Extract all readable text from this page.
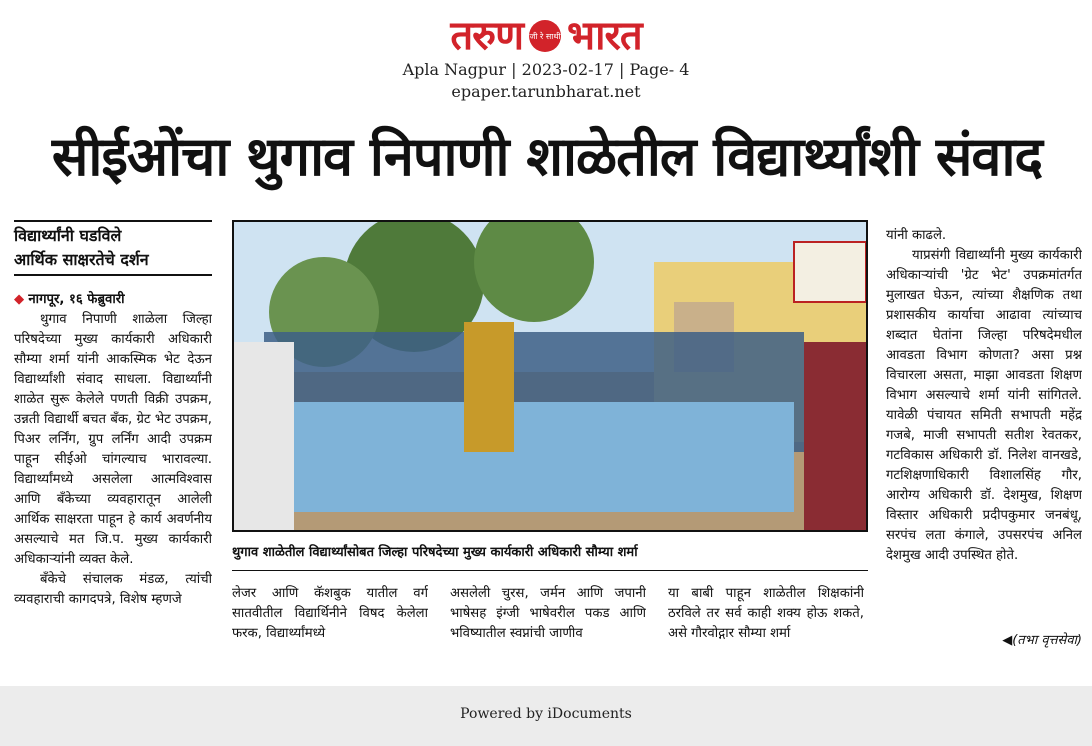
तरुण जी रे साथी भारत
Apla Nagpur | 2023-02-17 | Page- 4
epaper.tarunbharat.net
सीईओंचा थुगाव निपाणी शाळेतील विद्यार्थ्यांशी संवाद
विद्यार्थ्यांनी घडविले
आर्थिक साक्षरतेचे दर्शन

◆ नागपूर, १६ फेब्रुवारी

थुगाव निपाणी शाळेला जिल्हा परिषदेच्या मुख्य कार्यकारी अधिकारी सौम्या शर्मा यांनी आकस्मिक भेट देऊन विद्यार्थ्यांशी संवाद साधला. विद्यार्थ्यांनी शाळेत सुरू केलेले पणती विक्री उपक्रम, उन्नती विद्यार्थी बचत बँक, ग्रेट भेट उपक्रम, पिअर लर्निंग, ग्रुप लर्निंग आदी उपक्रम पाहून सीईओ चांगल्याच भारावल्या. विद्यार्थ्यांमध्ये असलेला आत्मविश्वास आणि बँकेच्या व्यवहारातून आलेली आर्थिक साक्षरता पाहून हे कार्य अवर्णनीय असल्याचे मत जि.प. मुख्य कार्यकारी अधिकाऱ्यांनी व्यक्त केले.

बँकेचे संचालक मंडळ, त्यांची व्यवहाराची कागदपत्रे, विशेष म्हणजे

थुगाव शाळेतील विद्यार्थ्यांसोबत जिल्हा परिषदेच्या मुख्य कार्यकारी अधिकारी सौम्या शर्मा
लेजर आणि कॅशबुक यातील वर्ग सातवीतील विद्यार्थिनीने विषद केलेला फरक, विद्यार्थ्यांमध्ये
असलेली चुरस, जर्मन आणि जपानी भाषेसह इंग्जी भाषेवरील पकड आणि भविष्यातील स्वप्नांची जाणीव
या बाबी पाहून शाळेतील शिक्षकांनी ठरविले तर सर्व काही शक्य होऊ शकते, असे गौरवोद्गार सौम्या शर्मा

यांनी काढले.

याप्रसंगी विद्यार्थ्यांनी मुख्य कार्यकारी अधिकाऱ्यांची 'ग्रेट भेट' उपक्रमांतर्गत मुलाखत घेऊन, त्यांच्या शैक्षणिक तथा प्रशासकीय कार्याचा आढावा त्यांच्याच शब्दात घेतांना जिल्हा परिषदेमधील आवडता विभाग कोणता? असा प्रश्न विचारला असता, माझा आवडता शिक्षण विभाग असल्याचे शर्मा यांनी सांगितले. यावेळी पंचायत समिती सभापती महेंद्र गजबे, माजी सभापती सतीश रेवतकर, गटविकास अधिकारी डॉ. निलेश वानखडे, गटशिक्षणाधिकारी विशालसिंह गौर, आरोग्य अधिकारी डॉ. देशमुख, शिक्षण विस्तार अधिकारी प्रदीपकुमार जनबंधू, सरपंच लता कंगाले, उपसरपंच अनिल देशमुख आदी उपस्थित होते.

◀(तभा वृत्तसेवा)
Powered by iDocuments
